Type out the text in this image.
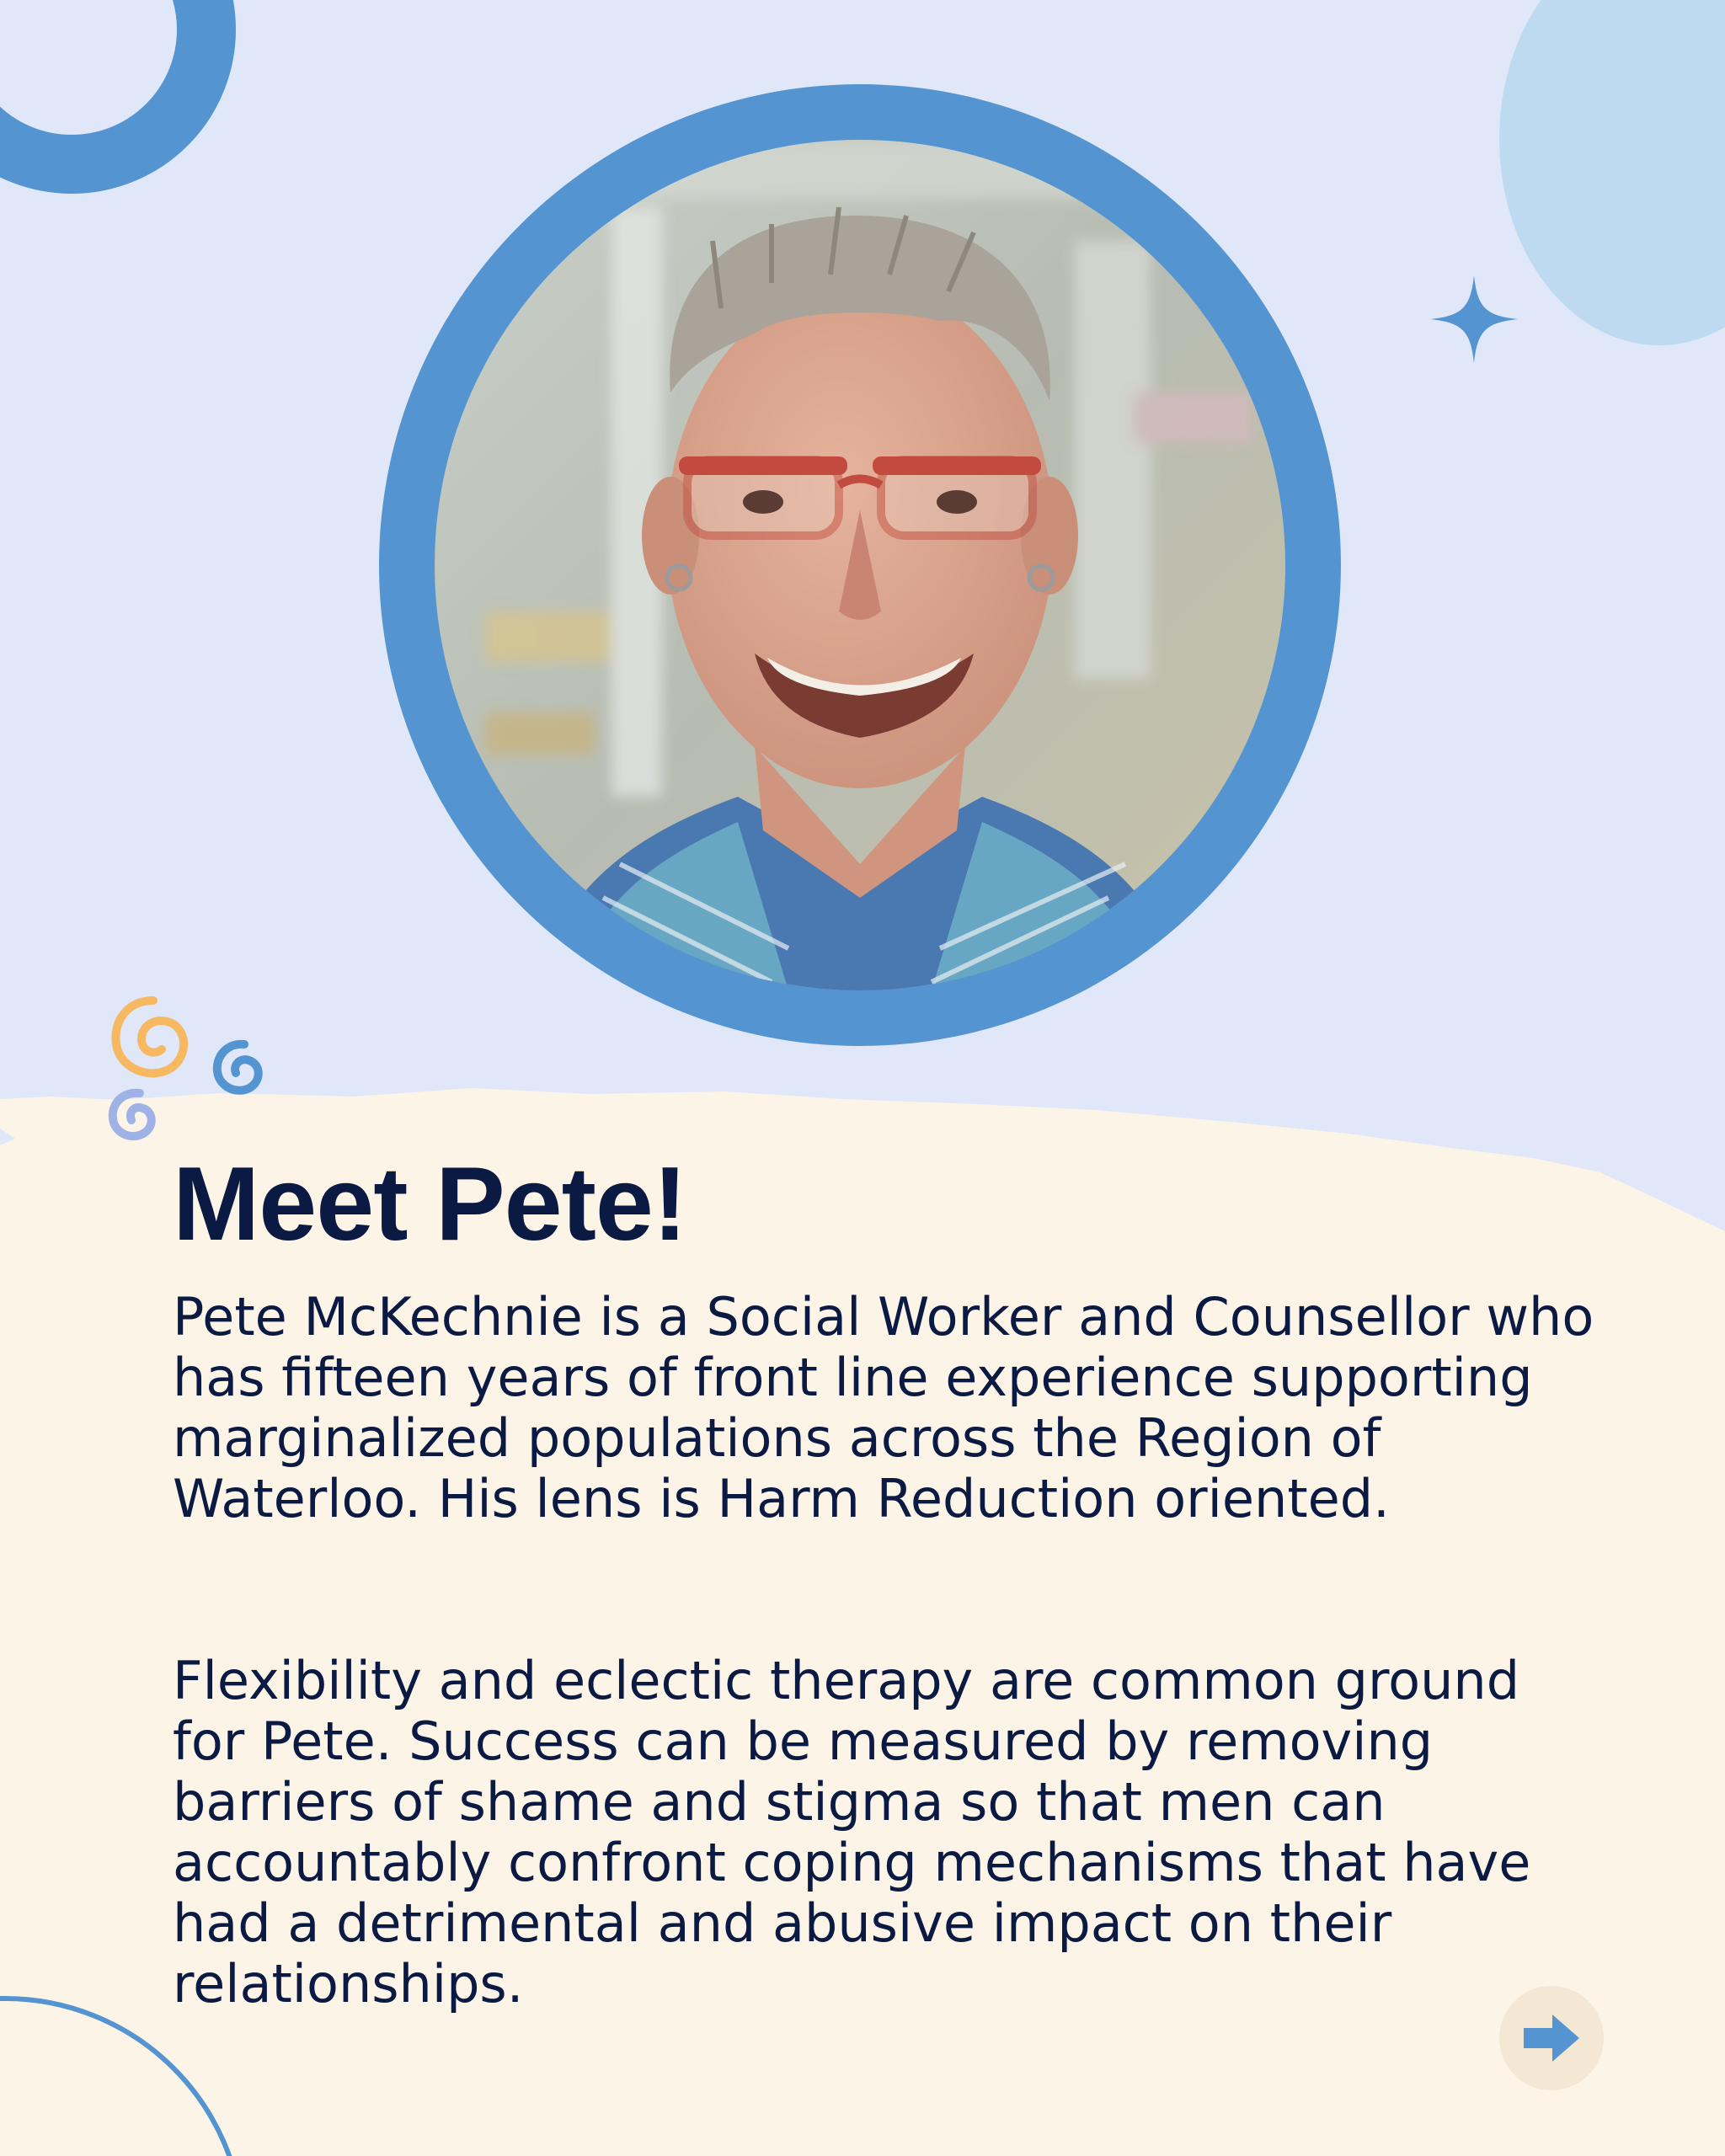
Meet Pete!

Pete McKechnie is a Social Worker and Counsellor who has fifteen years of front line experience supporting marginalized populations across the Region of Waterloo. His lens is Harm Reduction oriented.

Flexibility and eclectic therapy are common ground for Pete. Success can be measured by removing barriers of shame and stigma so that men can accountably confront coping mechanisms that have had a detrimental and abusive impact on their relationships.
